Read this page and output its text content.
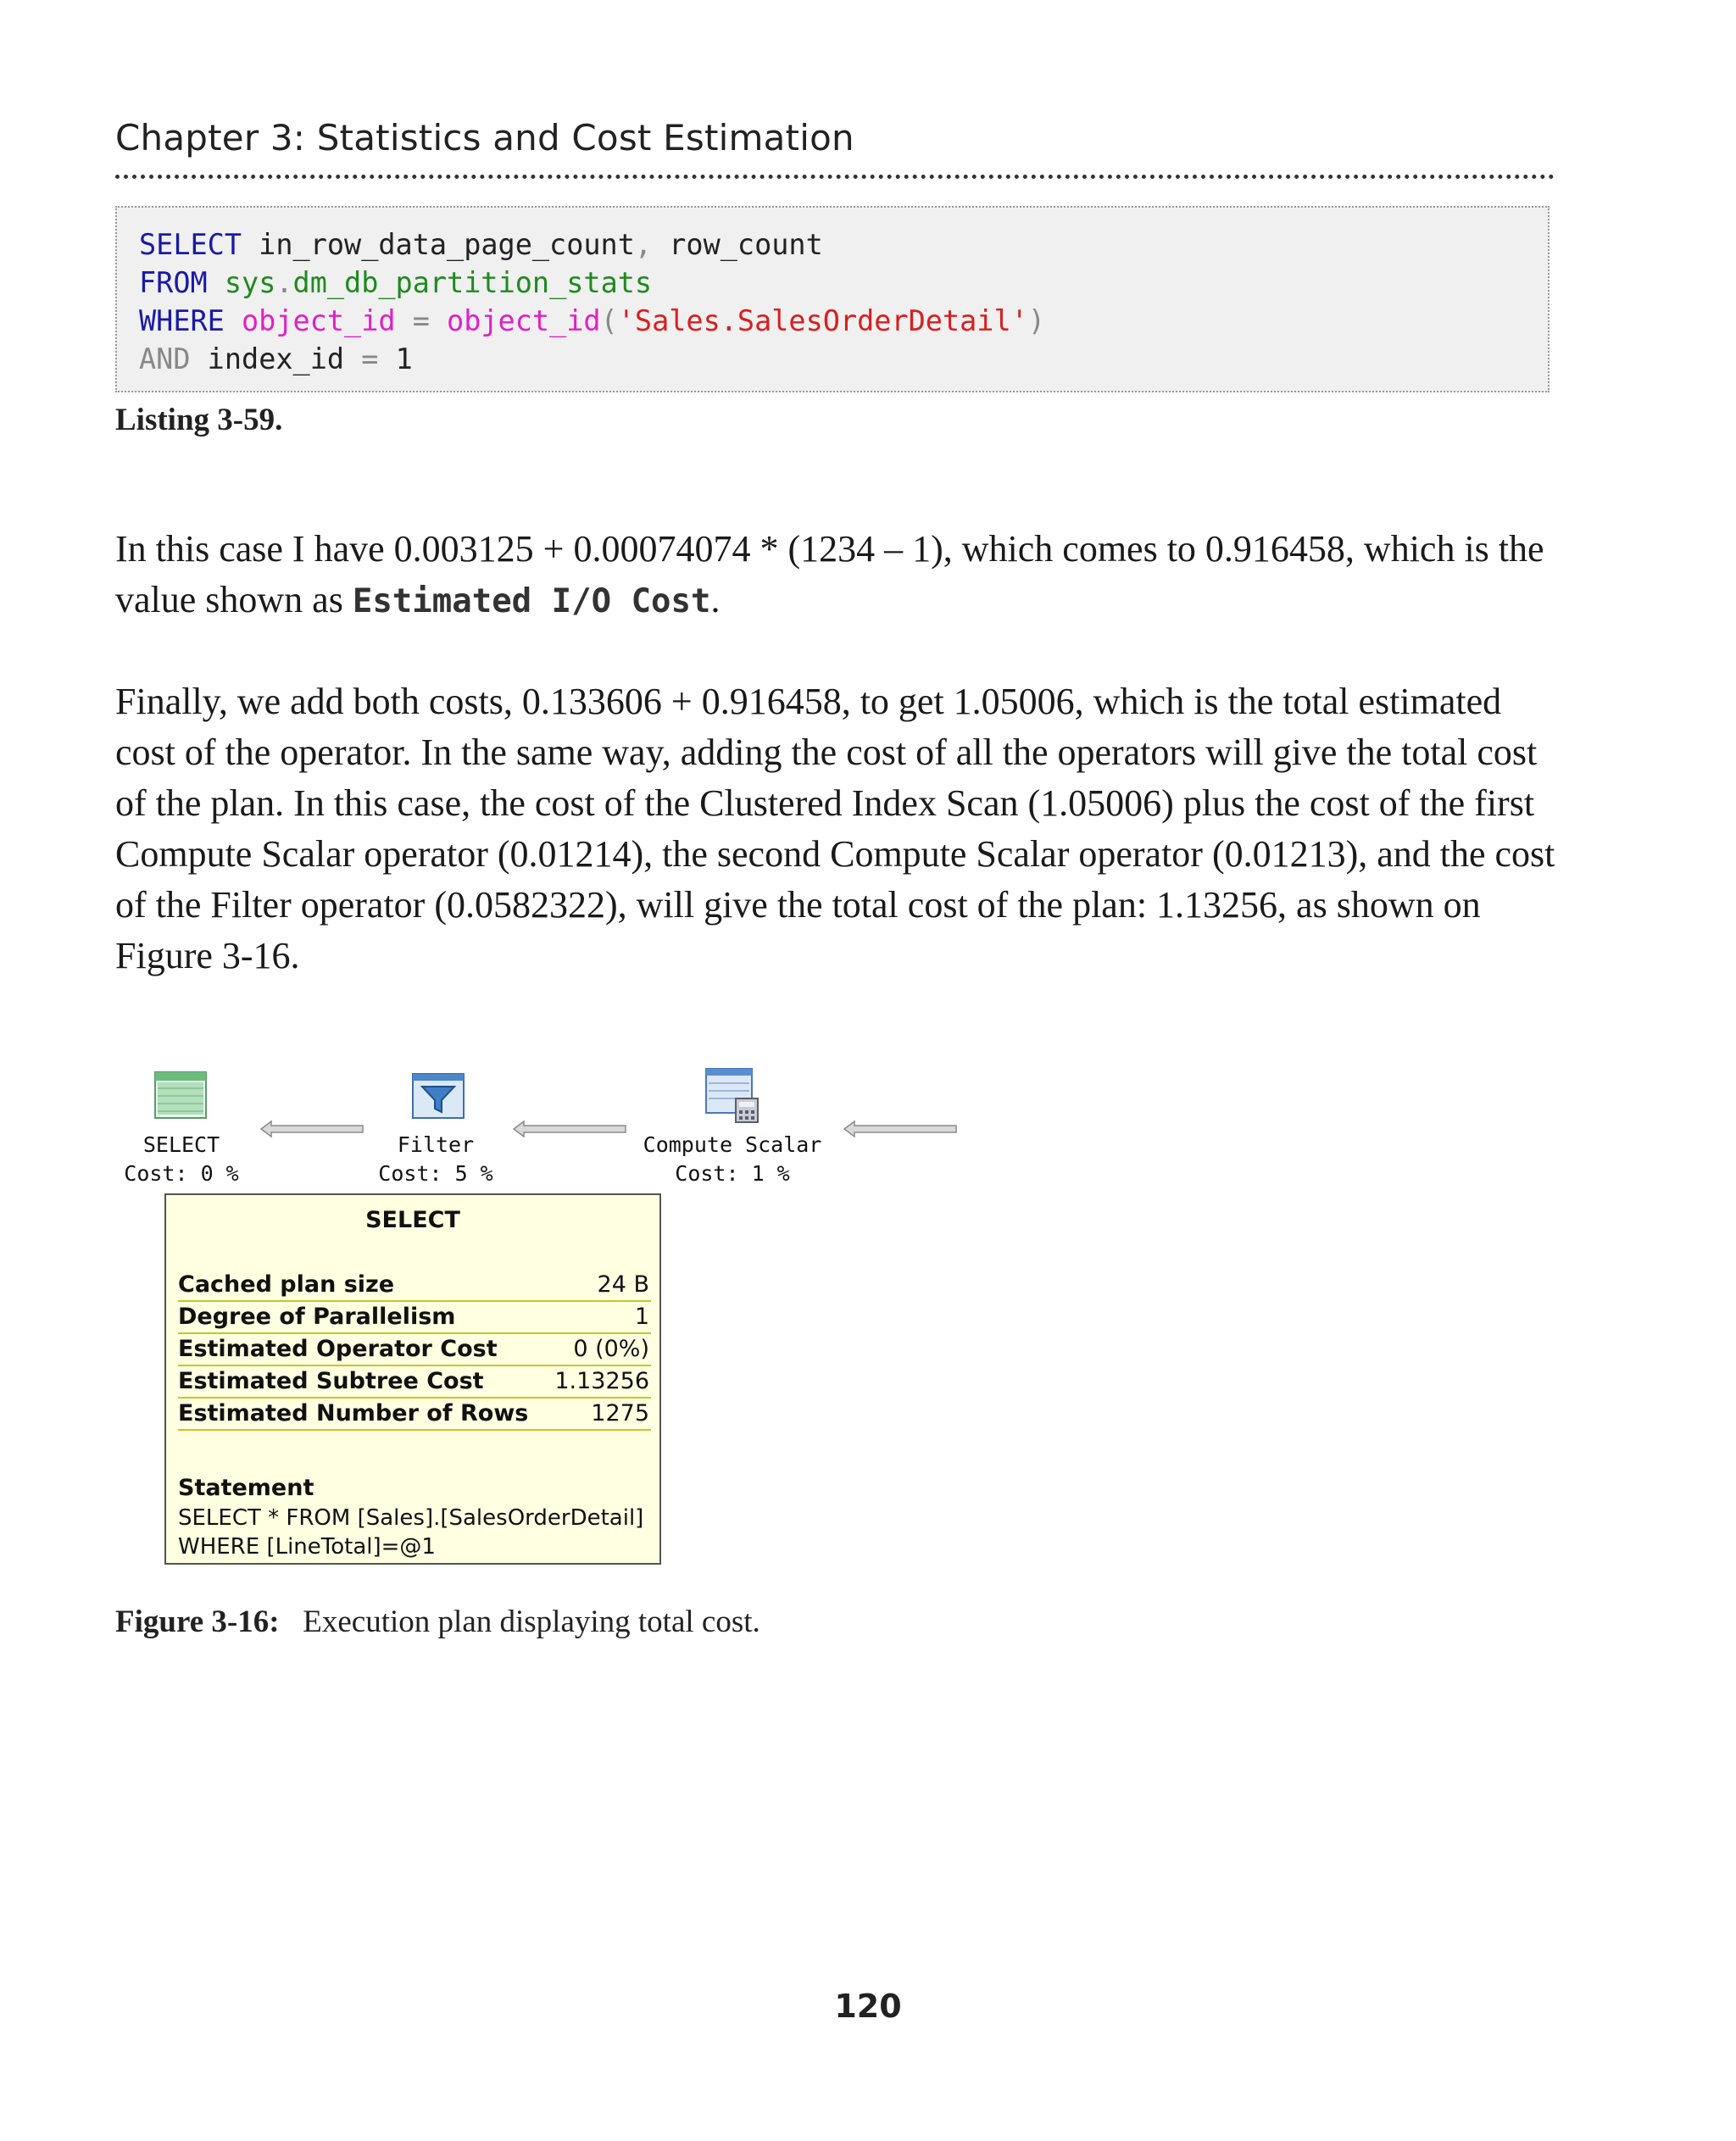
Chapter 3: Statistics and Cost Estimation
SELECT in_row_data_page_count, row_count
FROM sys.dm_db_partition_stats
WHERE object_id = object_id('Sales.SalesOrderDetail')
AND index_id = 1
Listing 3-59.
In this case I have 0.003125 + 0.00074074 * (1234 – 1), which comes to 0.916458, which is the value shown as Estimated I/O Cost.
Finally, we add both costs, 0.133606 + 0.916458, to get 1.05006, which is the total estimated cost of the operator. In the same way, adding the cost of all the operators will give the total cost of the plan. In this case, the cost of the Clustered Index Scan (1.05006) plus the cost of the first Compute Scalar operator (0.01214), the second Compute Scalar operator (0.01213), and the cost of the Filter operator (0.0582322), will give the total cost of the plan: 1.13256, as shown on Figure 3-16.
SELECT
Cost: 0 %
Filter
Cost: 5 %
Compute Scalar
Cost: 1 %
SELECT
Cached plan size	24 B
Degree of Parallelism	1
Estimated Operator Cost	0 (0%)
Estimated Subtree Cost	1.13256
Estimated Number of Rows	1275
Statement
SELECT * FROM [Sales].[SalesOrderDetail]
WHERE [LineTotal]=@1
Figure 3-16: Execution plan displaying total cost.
120
